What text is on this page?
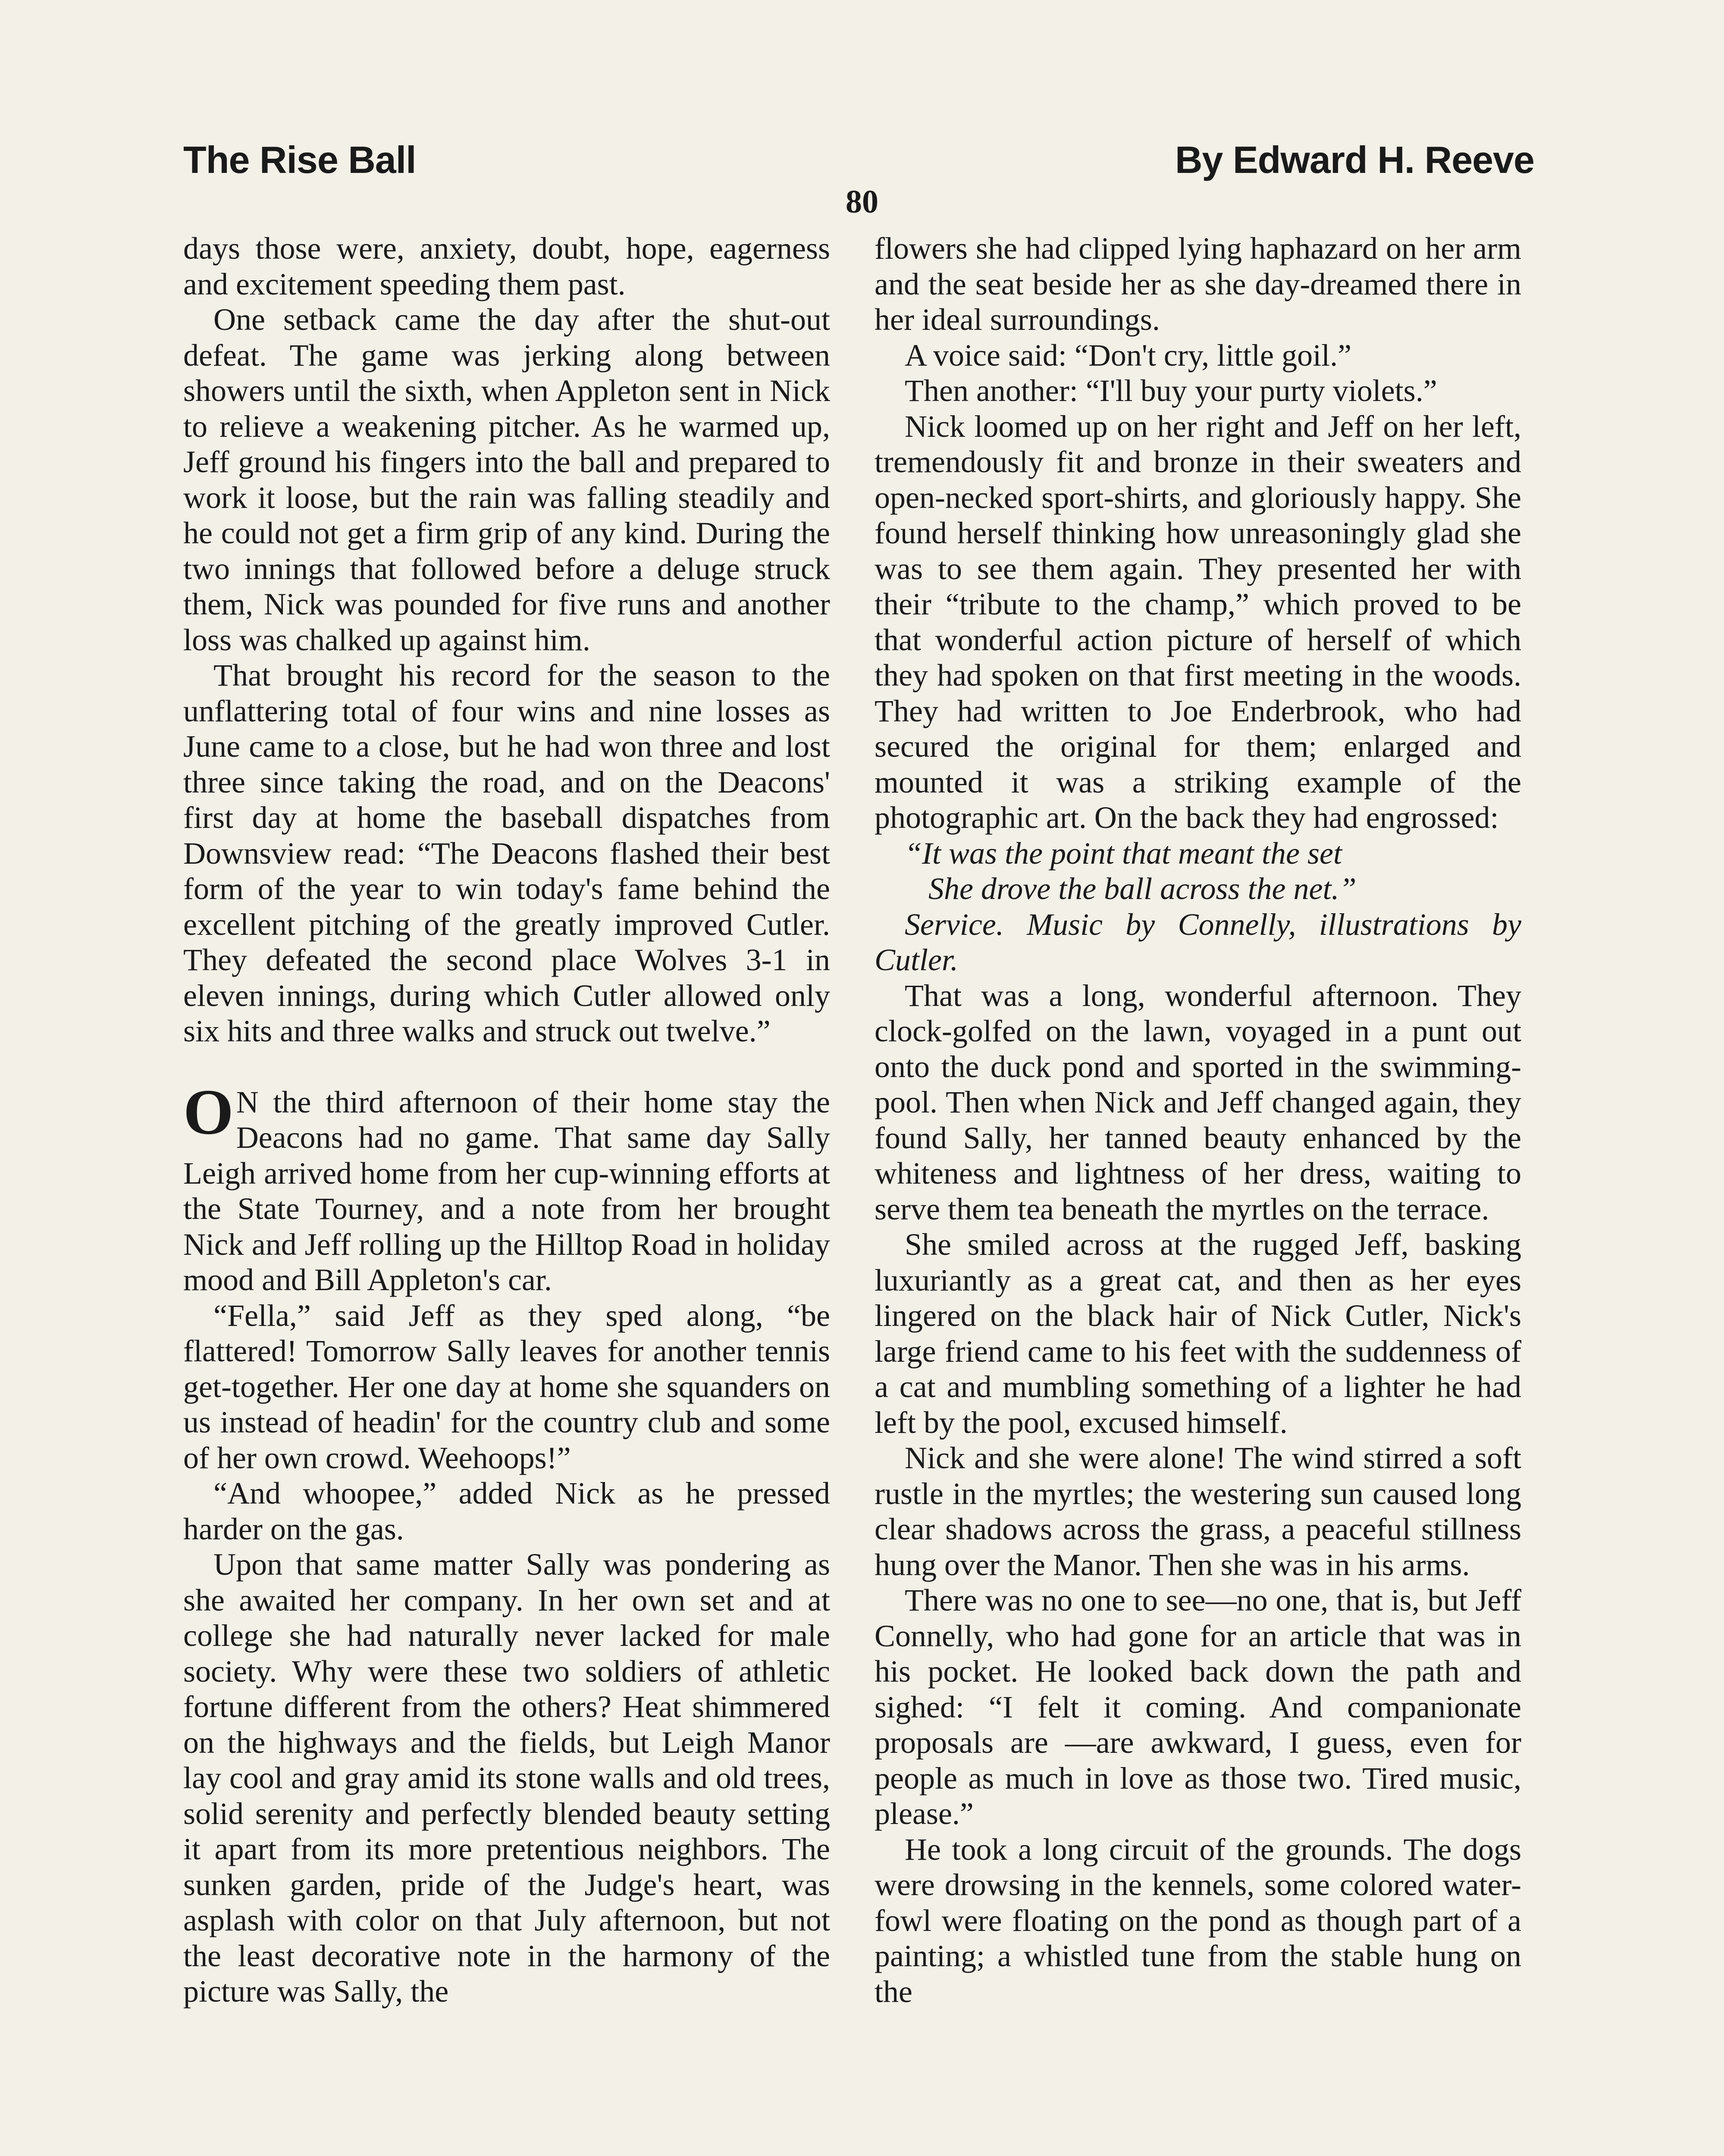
The Rise Ball	By Edward H. Reeve
80

days those were, anxiety, doubt, hope, eagerness and excitement speeding them past.

One setback came the day after the shut-out defeat. The game was jerking along between showers until the sixth, when Appleton sent in Nick to relieve a weakening pitcher. As he warmed up, Jeff ground his fingers into the ball and prepared to work it loose, but the rain was falling steadily and he could not get a firm grip of any kind. During the two innings that followed before a deluge struck them, Nick was pounded for five runs and another loss was chalked up against him.

That brought his record for the season to the unflattering total of four wins and nine losses as June came to a close, but he had won three and lost three since taking the road, and on the Deacons' first day at home the baseball dispatches from Downsview read: “The Deacons flashed their best form of the year to win today's fame behind the excellent pitching of the greatly improved Cutler. They defeated the second place Wolves 3-1 in eleven innings, during which Cutler allowed only six hits and three walks and struck out twelve.”

O N the third afternoon of their home stay the Deacons had no game. That same day Sally Leigh arrived home from her cup-winning efforts at the State Tourney, and a note from her brought Nick and Jeff rolling up the Hilltop Road in holiday mood and Bill Appleton's car.

“Fella,” said Jeff as they sped along, “be flattered! Tomorrow Sally leaves for another tennis get-together. Her one day at home she squanders on us instead of headin' for the country club and some of her own crowd. Weehoops!”

“And whoopee,” added Nick as he pressed harder on the gas.

Upon that same matter Sally was pondering as she awaited her company. In her own set and at college she had naturally never lacked for male society. Why were these two soldiers of athletic fortune different from the others? Heat shimmered on the highways and the fields, but Leigh Manor lay cool and gray amid its stone walls and old trees, solid serenity and perfectly blended beauty setting it apart from its more pretentious neighbors. The sunken garden, pride of the Judge's heart, was asplash with color on that July afternoon, but not the least decorative note in the harmony of the picture was Sally, the

flowers she had clipped lying haphazard on her arm and the seat beside her as she day-dreamed there in her ideal surroundings.

A voice said: “Don't cry, little goil.”

Then another: “I'll buy your purty violets.”

Nick loomed up on her right and Jeff on her left, tremendously fit and bronze in their sweaters and open-necked sport-shirts, and gloriously happy. She found herself thinking how unreasoningly glad she was to see them again. They presented her with their “tribute to the champ,” which proved to be that wonderful action picture of herself of which they had spoken on that first meeting in the woods. They had written to Joe Enderbrook, who had secured the original for them; enlarged and mounted it was a striking example of the photographic art. On the back they had engrossed:

“It was the point that meant the set

She drove the ball across the net.”

Service. Music by Connelly, illustrations by Cutler.

That was a long, wonderful afternoon. They clock-golfed on the lawn, voyaged in a punt out onto the duck pond and sported in the swimming-pool. Then when Nick and Jeff changed again, they found Sally, her tanned beauty enhanced by the whiteness and lightness of her dress, waiting to serve them tea beneath the myrtles on the terrace.

She smiled across at the rugged Jeff, basking luxuriantly as a great cat, and then as her eyes lingered on the black hair of Nick Cutler, Nick's large friend came to his feet with the suddenness of a cat and mumbling something of a lighter he had left by the pool, excused himself.

Nick and she were alone! The wind stirred a soft rustle in the myrtles; the westering sun caused long clear shadows across the grass, a peaceful stillness hung over the Manor. Then she was in his arms.

There was no one to see—no one, that is, but Jeff Connelly, who had gone for an article that was in his pocket. He looked back down the path and sighed: “I felt it coming. And companionate proposals are —are awkward, I guess, even for people as much in love as those two. Tired music, please.”

He took a long circuit of the grounds. The dogs were drowsing in the kennels, some colored water-fowl were floating on the pond as though part of a painting; a whistled tune from the stable hung on the
